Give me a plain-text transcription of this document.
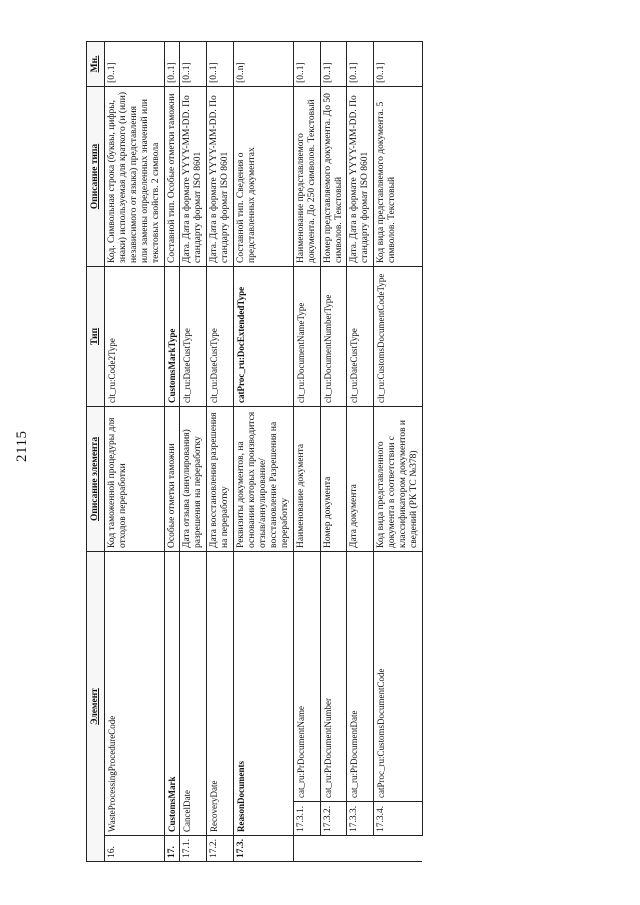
2115
Элемент			Описание элемента	Тип	Описание типа	Мн.
16.	WasteProcessingProcedureCode		Код таможенной процедуры для отходов переработки	clt_ru:Code2Type	Код. Символьная строка (буквы, цифры, знаки) используемая для краткого (и (или) независимого от языка) представления или замены определенных значений или текстовых свойств. 2 символа	[0..1]
17.	CustomsMark		Особые отметки таможни	CustomsMarkType	Составной тип. Особые отметки таможни	[0..1]
17.1.	CancelDate		Дата отзыва (аннулирования) разрешения на переработку	clt_ru:DateCustType	Дата. Дата в формате YYYY-MM-DD. По стандарту формат ISO 8601	[0..1]
17.2.	RecoveryDate		Дата восстановления разрешения на переработку	clt_ru:DateCustType	Дата. Дата в формате YYYY-MM-DD. По стандарту формат ISO 8601	[0..1]
17.3.	ReasonDocuments		Реквизиты документов, на основании которых производится отзыв/аннулирование/восстановление Разрешения на переработку	catProc_ru:DocExtendedType	Составной тип. Сведения о представленных документах	[0..n]
	17.3.1.	cat_ru:PrDocumentName	Наименование документа	clt_ru:DocumentNameType	Наименование представляемого документа. До 250 символов. Текстовый	[0..1]
	17.3.2.	cat_ru:PrDocumentNumber	Номер документа	clt_ru:DocumentNumberType	Номер представляемого документа. До 50 символов. Текстовый	[0..1]
	17.3.3.	cat_ru:PrDocumentDate	Дата документа	clt_ru:DateCustType	Дата. Дата в формате YYYY-MM-DD. По стандарту формат ISO 8601	[0..1]
	17.3.4.	catProc_ru:CustomsDocumentCode	Код вида представленного документа в соответствии с классификатором документов и сведений (РК ТС №378)	clt_ru:CustomsDocumentCodeType	Код вида представляемого документа. 5 символов. Текстовый	[0..1]
